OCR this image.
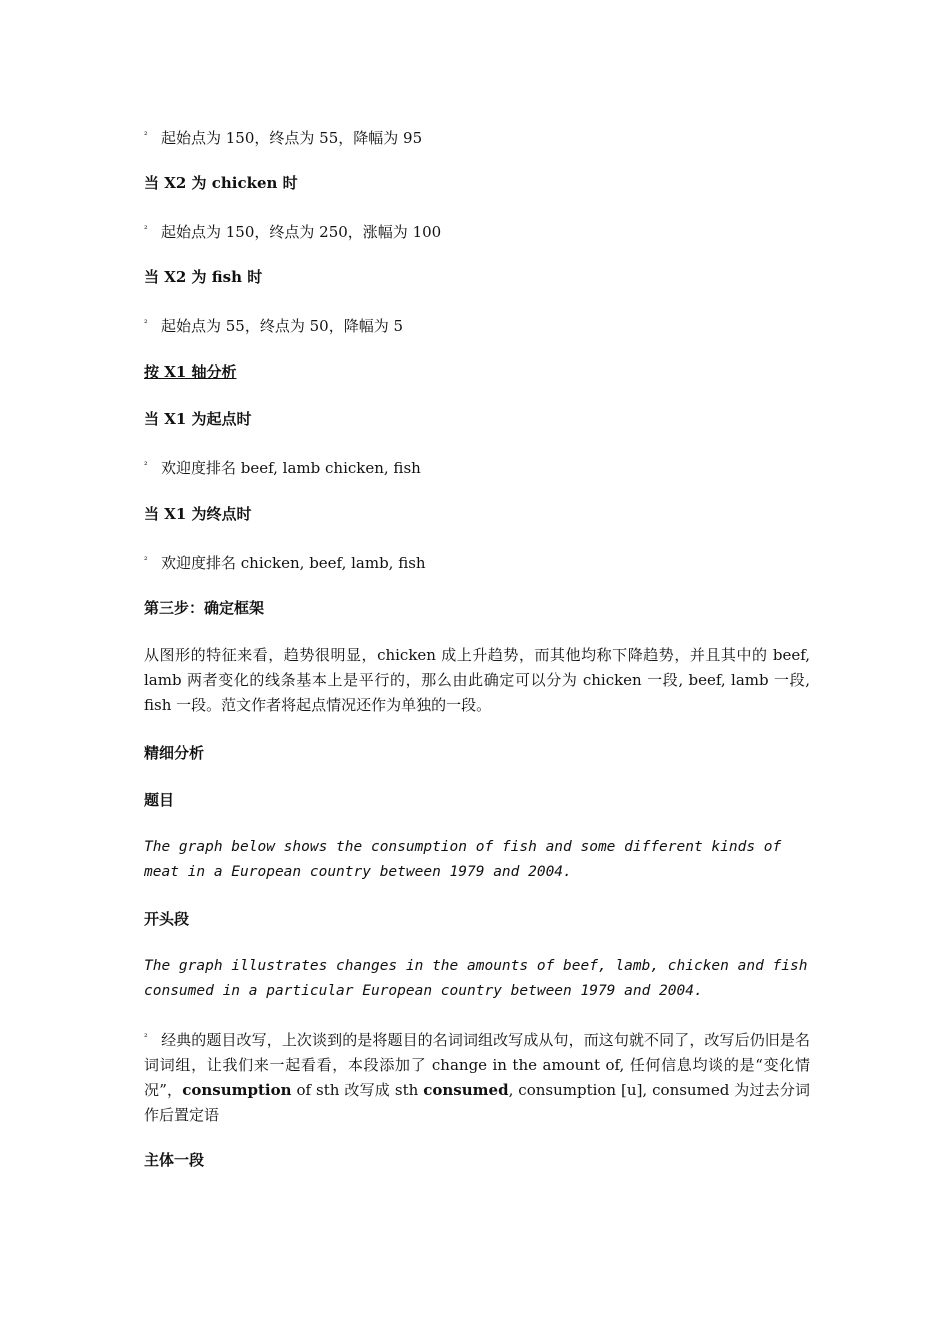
² 起始点为 150，终点为 55，降幅为 95

当 X2 为 chicken 时

² 起始点为 150，终点为 250，涨幅为 100

当 X2 为 fish 时

² 起始点为 55，终点为 50，降幅为 5

按 X1 轴分析

当 X1 为起点时

² 欢迎度排名 beef, lamb chicken, fish

当 X1 为终点时

² 欢迎度排名 chicken, beef, lamb, fish

第三步：确定框架

从图形的特征来看，趋势很明显，chicken 成上升趋势，而其他均称下降趋势，并且其中的 beef, lamb 两者变化的线条基本上是平行的，那么由此确定可以分为 chicken 一段, beef, lamb 一段, fish 一段。范文作者将起点情况还作为单独的一段。

精细分析

题目

The graph below shows the consumption of fish and some different kinds of meat in a European country between 1979 and 2004.

开头段

The graph illustrates changes in the amounts of beef, lamb, chicken and fish consumed in a particular European country between 1979 and 2004.

² 经典的题目改写，上次谈到的是将题目的名词词组改写成从句，而这句就不同了，改写后仍旧是名词词组，让我们来一起看看，本段添加了 change in the amount of, 任何信息均谈的是“变化情况”，consumption of sth 改写成 sth consumed, consumption [u], consumed 为过去分词作后置定语

主体一段
